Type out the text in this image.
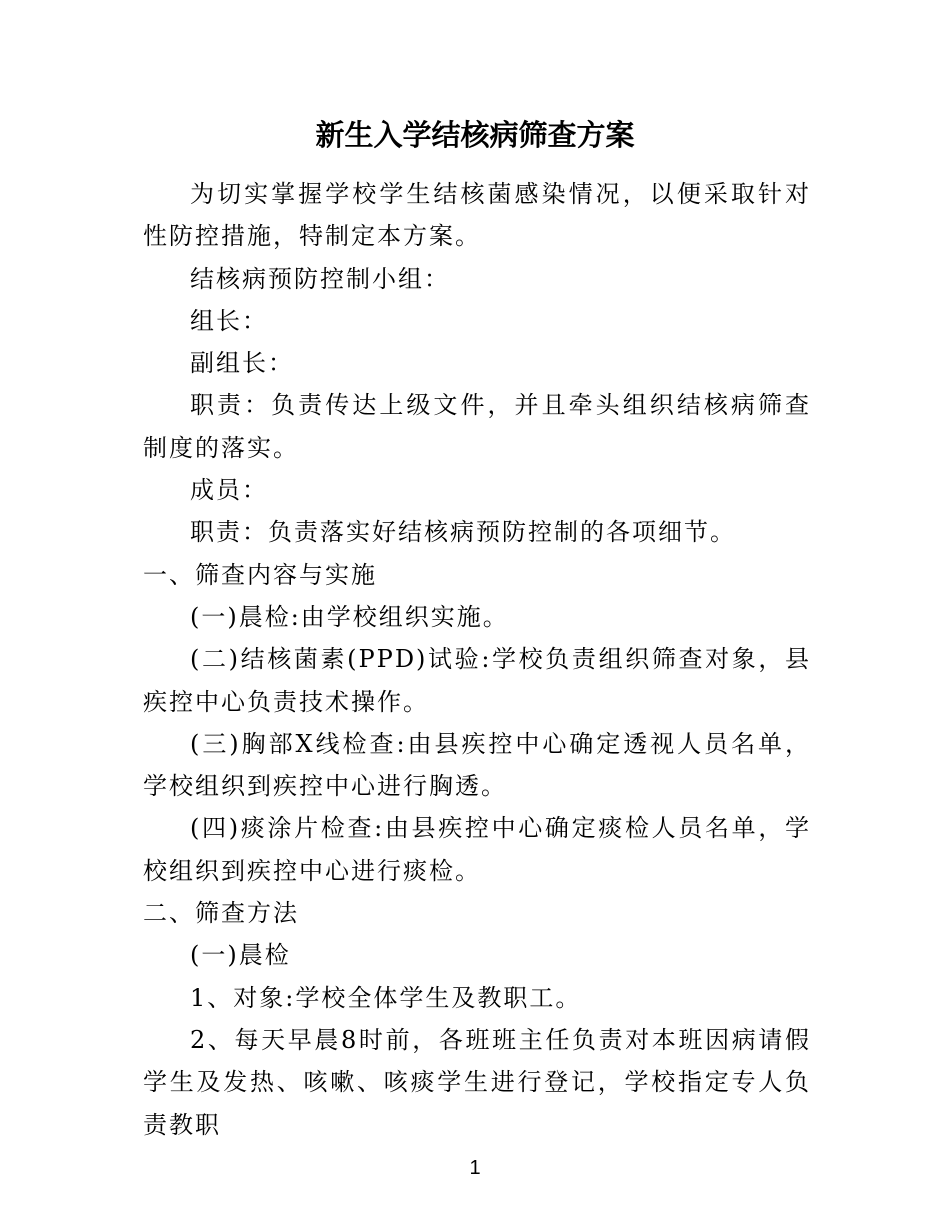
新生入学结核病筛查方案

为切实掌握学校学生结核菌感染情况，以便采取针对性防控措施，特制定本方案。

结核病预防控制小组：

组长：

副组长：

职责：负责传达上级文件，并且牵头组织结核病筛查制度的落实。

成员：

职责：负责落实好结核病预防控制的各项细节。

一、筛查内容与实施

(一)晨检:由学校组织实施。

(二)结核菌素(PPD)试验:学校负责组织筛查对象，县疾控中心负责技术操作。

(三)胸部X线检查:由县疾控中心确定透视人员名单，学校组织到疾控中心进行胸透。

(四)痰涂片检查:由县疾控中心确定痰检人员名单，学校组织到疾控中心进行痰检。

二、筛查方法

(一)晨检

1、对象:学校全体学生及教职工。

2、每天早晨8时前，各班班主任负责对本班因病请假学生及发热、咳嗽、咳痰学生进行登记，学校指定专人负责教职

1
